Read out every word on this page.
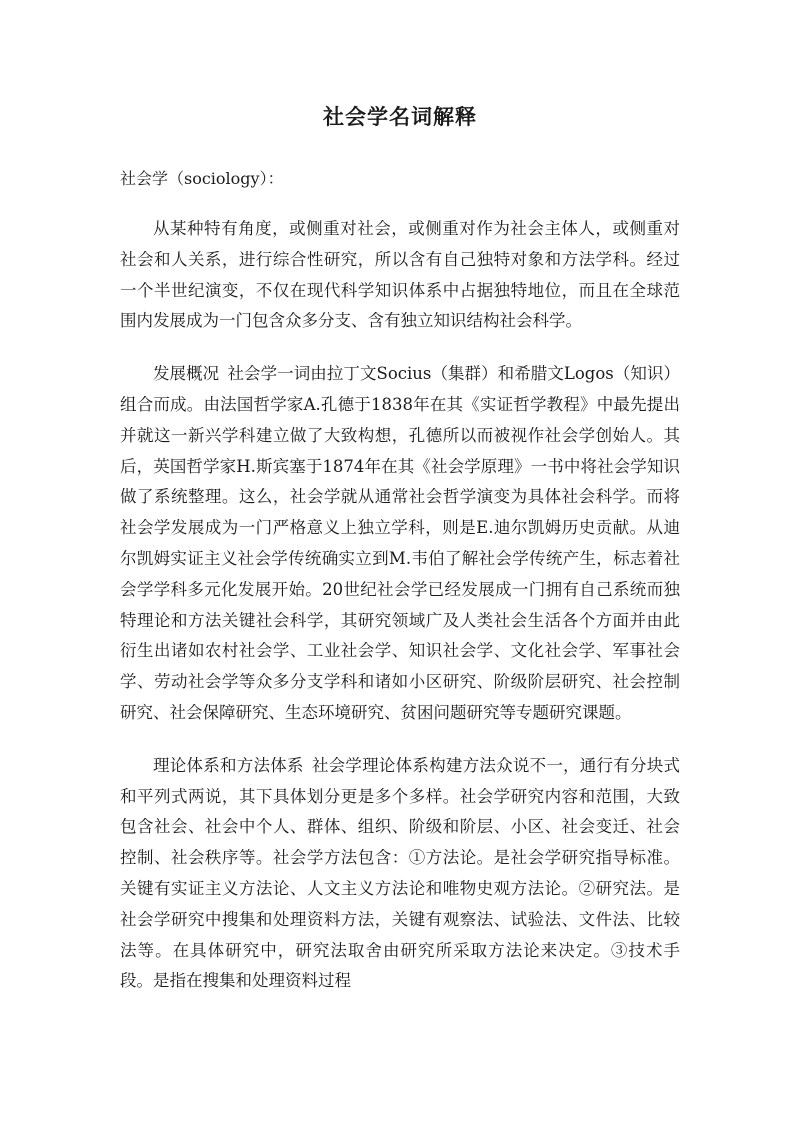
社会学名词解释
社会学（sociology）：

从某种特有角度，或侧重对社会，或侧重对作为社会主体人，或侧重对社会和人关系，进行综合性研究，所以含有自己独特对象和方法学科。经过一个半世纪演变，不仅在现代科学知识体系中占据独特地位，而且在全球范围内发展成为一门包含众多分支、含有独立知识结构社会科学。

发展概况 社会学一词由拉丁文Socius（集群）和希腊文Logos（知识）组合而成。由法国哲学家A.孔德于1838年在其《实证哲学教程》中最先提出并就这一新兴学科建立做了大致构想，孔德所以而被视作社会学创始人。其后，英国哲学家H.斯宾塞于1874年在其《社会学原理》一书中将社会学知识做了系统整理。这么，社会学就从通常社会哲学演变为具体社会科学。而将社会学发展成为一门严格意义上独立学科，则是E.迪尔凯姆历史贡献。从迪尔凯姆实证主义社会学传统确实立到M.韦伯了解社会学传统产生，标志着社会学学科多元化发展开始。20世纪社会学已经发展成一门拥有自己系统而独特理论和方法关键社会科学，其研究领域广及人类社会生活各个方面并由此衍生出诸如农村社会学、工业社会学、知识社会学、文化社会学、军事社会学、劳动社会学等众多分支学科和诸如小区研究、阶级阶层研究、社会控制研究、社会保障研究、生态环境研究、贫困问题研究等专题研究课题。

理论体系和方法体系 社会学理论体系构建方法众说不一，通行有分块式和平列式两说，其下具体划分更是多个多样。社会学研究内容和范围，大致包含社会、社会中个人、群体、组织、阶级和阶层、小区、社会变迁、社会控制、社会秩序等。社会学方法包含：①方法论。是社会学研究指导标准。关键有实证主义方法论、人文主义方法论和唯物史观方法论。②研究法。是社会学研究中搜集和处理资料方法，关键有观察法、试验法、文件法、比较法等。在具体研究中，研究法取舍由研究所采取方法论来决定。③技术手段。是指在搜集和处理资料过程
